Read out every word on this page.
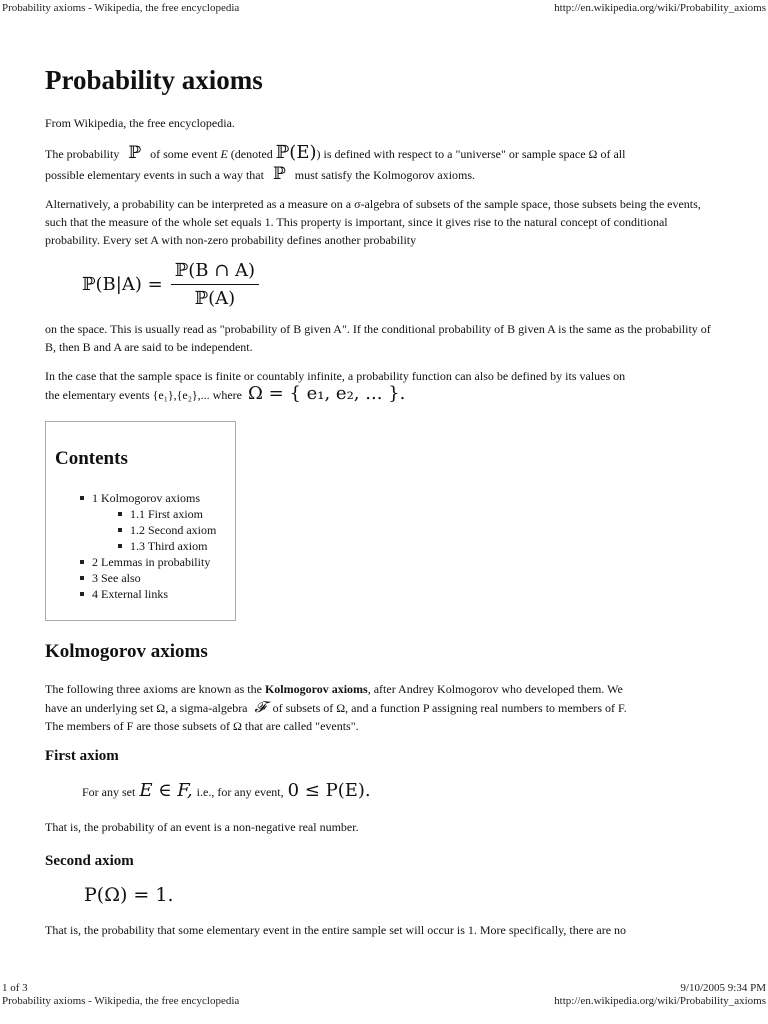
Probability axioms - Wikipedia, the free encyclopedia	http://en.wikipedia.org/wiki/Probability_axioms
Probability axioms

From Wikipedia, the free encyclopedia.

The probability ℙ of some event E (denoted ℙ(E)) is defined with respect to a "universe" or sample space Ω of all

possible elementary events in such a way that ℙ must satisfy the Kolmogorov axioms.

Alternatively, a probability can be interpreted as a measure on a σ-algebra of subsets of the sample space, those subsets being the events, such that the measure of the whole set equals 1. This property is important, since it gives rise to the natural concept of conditional probability. Every set A with non-zero probability defines another probability

ℙ(B|A) = $\frac{\text{ℙ(B ∩ A)}}{\text{ℙ(A)}}$

on the space. This is usually read as "probability of B given A". If the conditional probability of B given A is the same as the probability of B, then B and A are said to be independent.

In the case that the sample space is finite or countably infinite, a probability function can also be defined by its values on

the elementary events {e₁},{e₂},... where Ω = { e₁, e₂, ... }.

Contents
1 Kolmogorov axioms
1.1 First axiom
1.2 Second axiom
1.3 Third axiom
2 Lemmas in probability
3 See also
4 External links
Kolmogorov axioms

The following three axioms are known as the Kolmogorov axioms, after Andrey Kolmogorov who developed them. We

have an underlying set Ω, a sigma-algebra 𝓕 of subsets of Ω, and a function P assigning real numbers to members of F.

The members of F are those subsets of Ω that are called "events".

First axiom
For any set E ∈ F, i.e., for any event, 0 ≤ P(E).

That is, the probability of an event is a non-negative real number.

Second axiom
P(Ω) = 1.

That is, the probability that some elementary event in the entire sample set will occur is 1. More specifically, there are no

1 of 3	9/10/2005 9:34 PM
Probability axioms - Wikipedia, the free encyclopedia	http://en.wikipedia.org/wiki/Probability_axioms
